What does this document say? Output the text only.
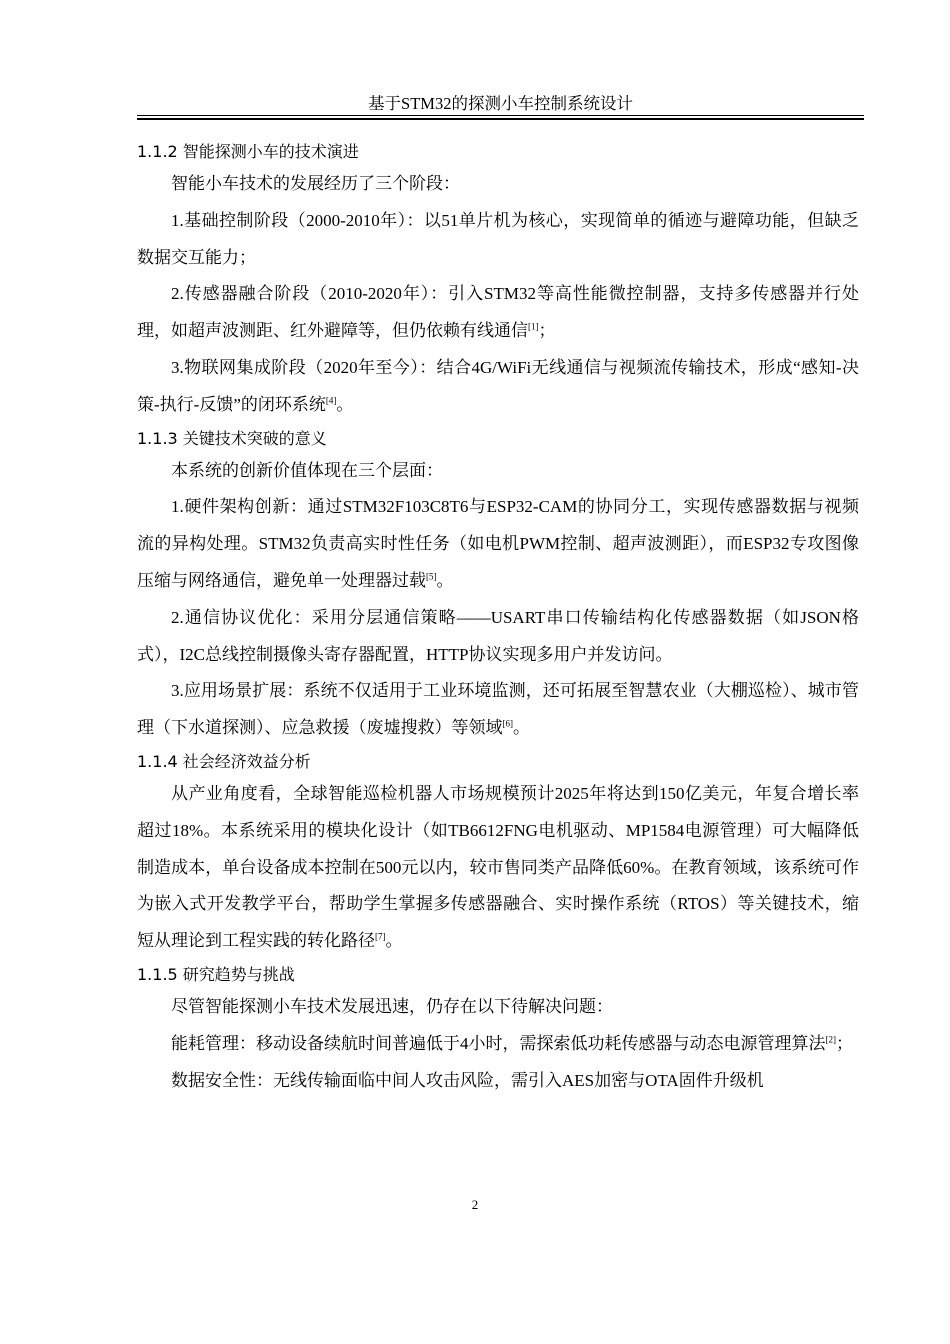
基于STM32的探测小车控制系统设计
1.1.2 智能探测小车的技术演进

智能小车技术的发展经历了三个阶段：

1.基础控制阶段（2000-2010年）：以51单片机为核心，实现简单的循迹与避障功能，但缺乏数据交互能力；

2.传感器融合阶段（2010-2020年）：引入STM32等高性能微控制器，支持多传感器并行处理，如超声波测距、红外避障等，但仍依赖有线通信[1]；

3.物联网集成阶段（2020年至今）：结合4G/WiFi无线通信与视频流传输技术，形成“感知-决策-执行-反馈”的闭环系统[4]。

1.1.3 关键技术突破的意义

本系统的创新价值体现在三个层面：

1.硬件架构创新：通过STM32F103C8T6与ESP32-CAM的协同分工，实现传感器数据与视频流的异构处理。STM32负责高实时性任务（如电机PWM控制、超声波测距），而ESP32专攻图像压缩与网络通信，避免单一处理器过载[5]。

2.通信协议优化：采用分层通信策略——USART串口传输结构化传感器数据（如JSON格式），I2C总线控制摄像头寄存器配置，HTTP协议实现多用户并发访问。

3.应用场景扩展：系统不仅适用于工业环境监测，还可拓展至智慧农业（大棚巡检）、城市管理（下水道探测）、应急救援（废墟搜救）等领域[6]。

1.1.4 社会经济效益分析

从产业角度看，全球智能巡检机器人市场规模预计2025年将达到150亿美元，年复合增长率超过18%。本系统采用的模块化设计（如TB6612FNG电机驱动、MP1584电源管理）可大幅降低制造成本，单台设备成本控制在500元以内，较市售同类产品降低60%。在教育领域，该系统可作为嵌入式开发教学平台，帮助学生掌握多传感器融合、实时操作系统（RTOS）等关键技术，缩短从理论到工程实践的转化路径[7]。

1.1.5 研究趋势与挑战

尽管智能探测小车技术发展迅速，仍存在以下待解决问题：

能耗管理：移动设备续航时间普遍低于4小时，需探索低功耗传感器与动态电源管理算法[2]；

数据安全性：无线传输面临中间人攻击风险，需引入AES加密与OTA固件升级机

2
